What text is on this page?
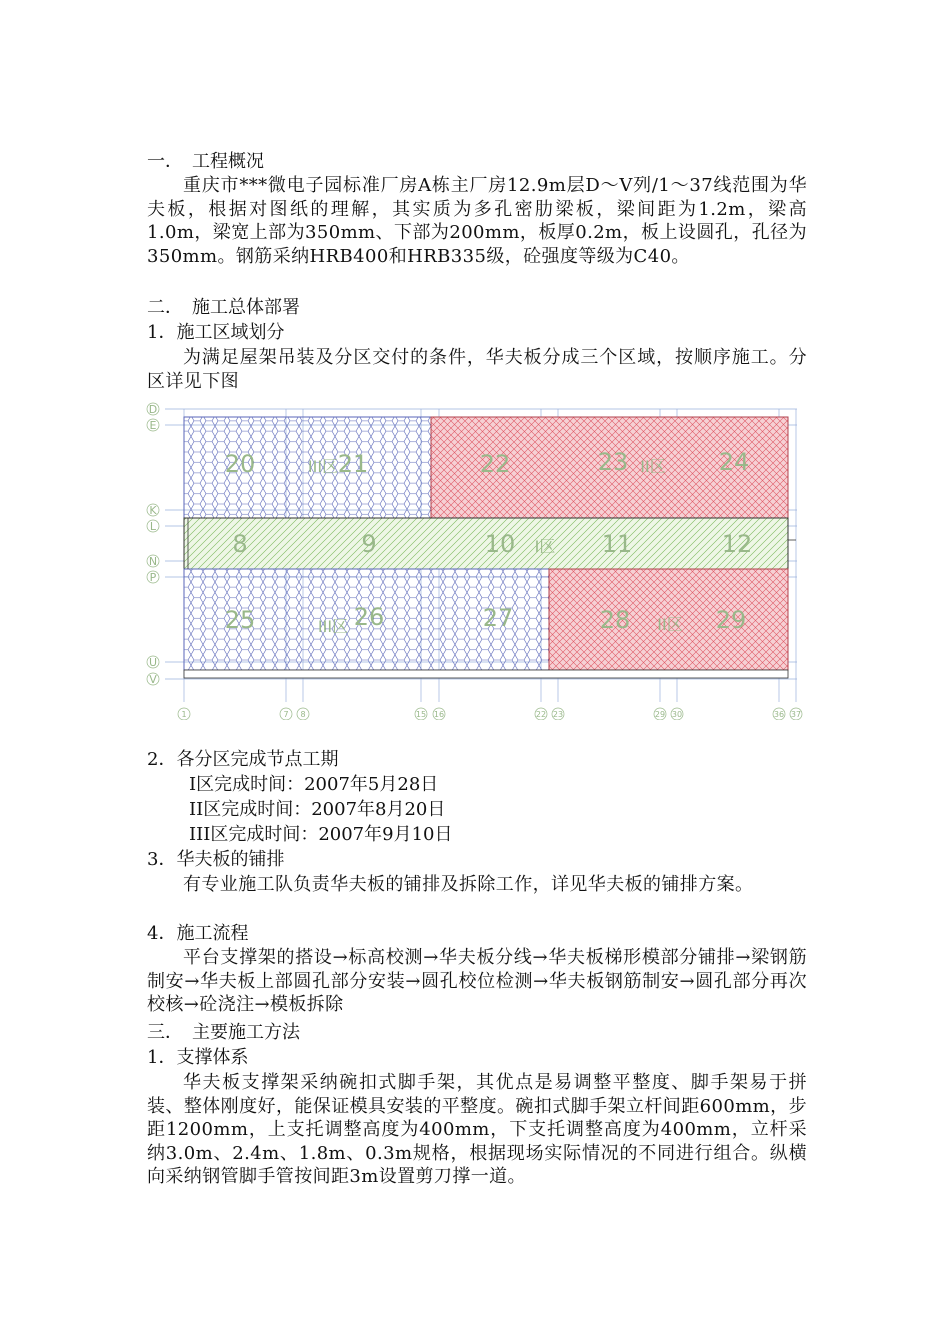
一．　工程概况

重庆市***微电子园标准厂房A栋主厂房12.9m层D～V列/1～37线范围为华夫板，根据对图纸的理解，其实质为多孔密肋梁板，梁间距为1.2m，梁高1.0m，梁宽上部为350mm、下部为200mm，板厚0.2m，板上设圆孔，孔径为350mm。钢筋采纳HRB400和HRB335级，砼强度等级为C40。

二．　施工总体部署

1．施工区域划分

为满足屋架吊装及分区交付的条件，华夫板分成三个区域，按顺序施工。分区详见下图

20	21
III区	22	23 II区 24
8	9	10 I区 11	12
25	26
III区	27	28 II区 29
D
E
K
L
N
P
U
V
1	7 8	15 16	22 23	29 30	36 37

2．各分区完成节点工期

I区完成时间：2007年5月28日

II区完成时间：2007年8月20日

III区完成时间：2007年9月10日

3．华夫板的铺排

有专业施工队负责华夫板的铺排及拆除工作，详见华夫板的铺排方案。

4．施工流程

平台支撑架的搭设→标高校测→华夫板分线→华夫板梯形模部分铺排→梁钢筋制安→华夫板上部圆孔部分安装→圆孔校位检测→华夫板钢筋制安→圆孔部分再次校核→砼浇注→模板拆除

三．　主要施工方法

1．支撑体系

华夫板支撑架采纳碗扣式脚手架，其优点是易调整平整度、脚手架易于拼装、整体刚度好，能保证模具安装的平整度。碗扣式脚手架立杆间距600mm，步距1200mm，上支托调整高度为400mm，下支托调整高度为400mm，立杆采纳3.0m、2.4m、1.8m、0.3m规格，根据现场实际情况的不同进行组合。纵横向采纳钢管脚手管按间距3m设置剪刀撑一道。
